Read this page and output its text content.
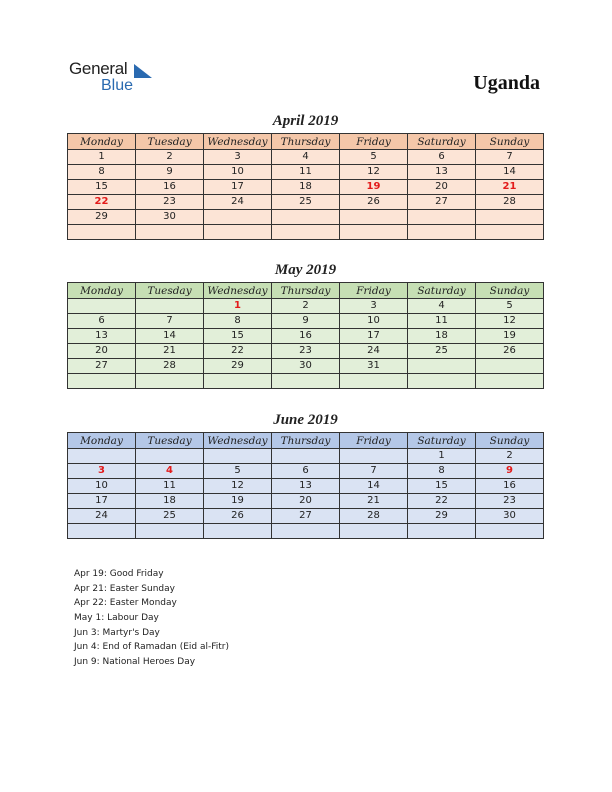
General
Blue	Uganda
April 2019
Monday	Tuesday	Wednesday	Thursday	Friday	Saturday	Sunday
1	2	3	4	5	6	7
8	9	10	11	12	13	14
15	16	17	18	19	20	21
22	23	24	25	26	27	28
29	30					

May 2019
Monday	Tuesday	Wednesday	Thursday	Friday	Saturday	Sunday
		1	2	3	4	5
6	7	8	9	10	11	12
13	14	15	16	17	18	19
20	21	22	23	24	25	26
27	28	29	30	31		

June 2019
Monday	Tuesday	Wednesday	Thursday	Friday	Saturday	Sunday
					1	2
3	4	5	6	7	8	9
10	11	12	13	14	15	16
17	18	19	20	21	22	23
24	25	26	27	28	29	30

Apr 19: Good Friday
Apr 21: Easter Sunday
Apr 22: Easter Monday
May 1: Labour Day
Jun 3: Martyr's Day
Jun 4: End of Ramadan (Eid al-Fitr)
Jun 9: National Heroes Day
